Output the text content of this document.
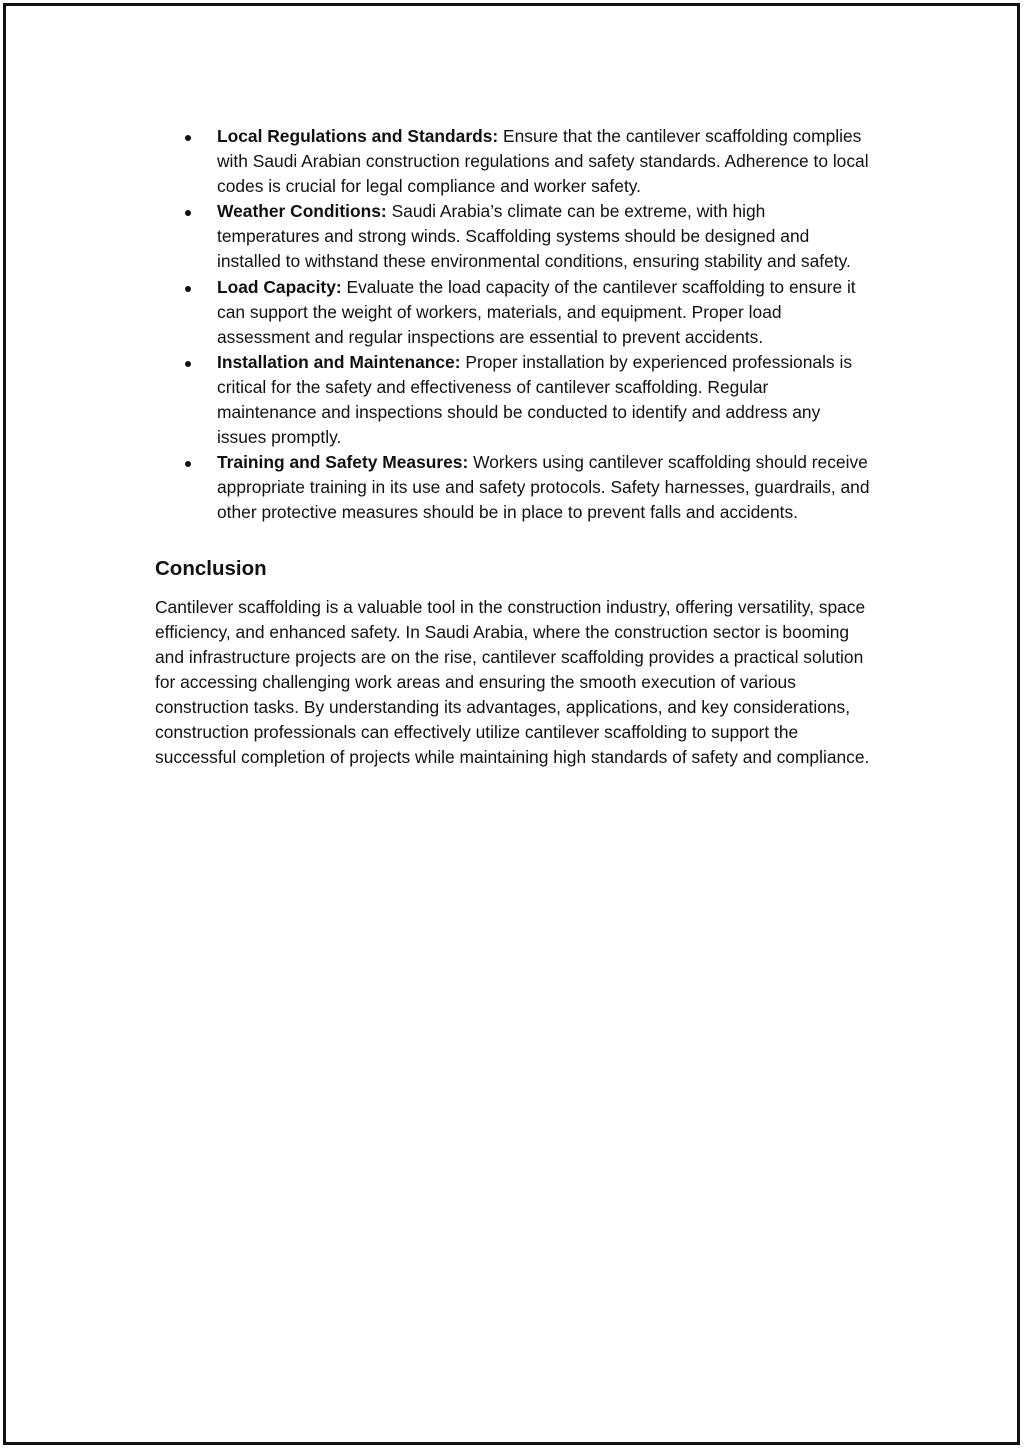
Local Regulations and Standards: Ensure that the cantilever scaffolding complies with Saudi Arabian construction regulations and safety standards. Adherence to local codes is crucial for legal compliance and worker safety.
Weather Conditions: Saudi Arabia’s climate can be extreme, with high temperatures and strong winds. Scaffolding systems should be designed and installed to withstand these environmental conditions, ensuring stability and safety.
Load Capacity: Evaluate the load capacity of the cantilever scaffolding to ensure it can support the weight of workers, materials, and equipment. Proper load assessment and regular inspections are essential to prevent accidents.
Installation and Maintenance: Proper installation by experienced professionals is critical for the safety and effectiveness of cantilever scaffolding. Regular maintenance and inspections should be conducted to identify and address any issues promptly.
Training and Safety Measures: Workers using cantilever scaffolding should receive appropriate training in its use and safety protocols. Safety harnesses, guardrails, and other protective measures should be in place to prevent falls and accidents.
Conclusion

Cantilever scaffolding is a valuable tool in the construction industry, offering versatility, space efficiency, and enhanced safety. In Saudi Arabia, where the construction sector is booming and infrastructure projects are on the rise, cantilever scaffolding provides a practical solution for accessing challenging work areas and ensuring the smooth execution of various construction tasks. By understanding its advantages, applications, and key considerations, construction professionals can effectively utilize cantilever scaffolding to support the successful completion of projects while maintaining high standards of safety and compliance.
